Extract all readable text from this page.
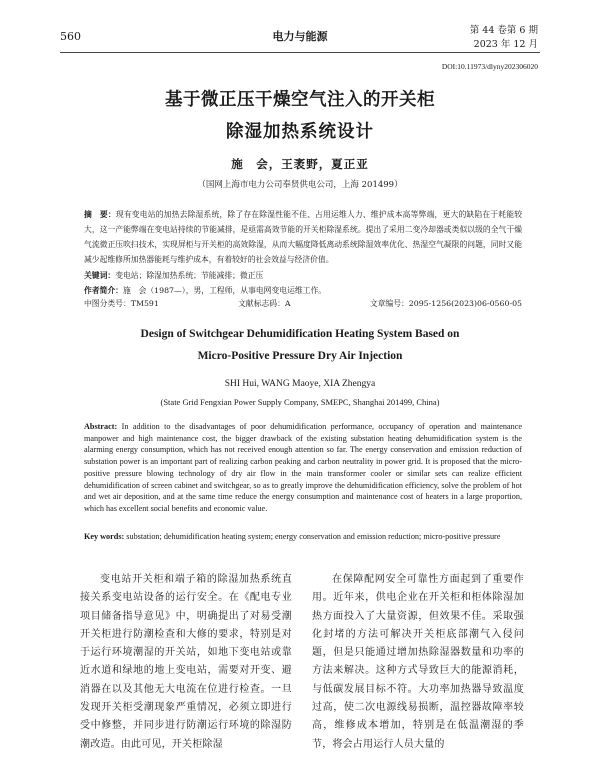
560	电力与能源	第 44 卷第 6 期
2023 年 12 月
DOI:10.11973/dlyny202306020
基于微正压干燥空气注入的开关柜
除湿加热系统设计
施　会，王袤野，夏正亚
（国网上海市电力公司奉贤供电公司，上海 201499）
摘　要：现有变电站的加热去除湿系统，除了存在除湿性能不佳、占用运维人力、维护成本高等弊端，更大的缺陷在于耗能较大，这一产能弊端在变电站持续的节能减排，是亟需高效节能的开关柜除湿系统。提出了采用二变冷却器或类似以级的全气干燥气流微正压吹扫技术，实现屏柜与开关柜的高效除湿，从而大幅度降低离动系统除湿效率优化、热湿空气凝限的问题，同时又能减少起维修所加热器能耗与维护成本，有着较好的社会效益与经济价值。
关键词：变电站；除湿加热系统；节能减排；微正压
作者简介：施　会（1987—），男，工程师，从事电网变电运维工作。
中图分类号：TM591	文献标志码：A	文章编号：2095-1256(2023)06-0560-05
Design of Switchgear Dehumidification Heating System Based on
Micro-Positive Pressure Dry Air Injection
SHI Hui, WANG Maoye, XIA Zhengya
(State Grid Fengxian Power Supply Company, SMEPC, Shanghai 201499, China)
Abstract: In addition to the disadvantages of poor dehumidification performance, occupancy of operation and maintenance manpower and high maintenance cost, the bigger drawback of the existing substation heating dehumidification system is the alarming energy consumption, which has not received enough attention so far. The energy conservation and emission reduction of substation power is an important part of realizing carbon peaking and carbon neutrality in power grid. It is proposed that the micro-positive pressure blowing technology of dry air flow in the main transformer cooler or similar sets can realize efficient dehumidification of screen cabinet and switchgear, so as to greatly improve the dehumidification efficiency, solve the problem of hot and wet air deposition, and at the same time reduce the energy consumption and maintenance cost of heaters in a large proportion, which has excellent social benefits and economic value.
Key words: substation; dehumidification heating system; energy conservation and emission reduction; micro-positive pressure

变电站开关柜和端子箱的除湿加热系统直接关系变电站设备的运行安全。在《配电专业项目储备指导意见》中，明确提出了对易受潮开关柜进行防潮检查和大修的要求，特别是对于运行环境潮湿的开关站，如地下变电站或靠近水道和绿地的地上变电站，需要对开变、避消器在以及其他无大电流在位进行检查。一旦发现开关柜受潮现象严重情况，必须立即进行受中修整，并同步进行防潮运行环境的除湿防潮改造。由此可见，开关柜除湿

在保障配网安全可靠性方面起到了重要作用。近年来，供电企业在开关柜和柜体除湿加热方面投入了大量资源，但效果不佳。采取强化封堵的方法可解决开关柜底部潮气入侵问题，但是只能通过增加热除湿器数量和功率的方法来解决。这种方式导致巨大的能源消耗，与低碳发展目标不符。大功率加热器导致温度过高，使二次电源线易损断，温控器故障率较高，维修成本增加，特别是在低温潮湿的季节，将会占用运行人员大量的
